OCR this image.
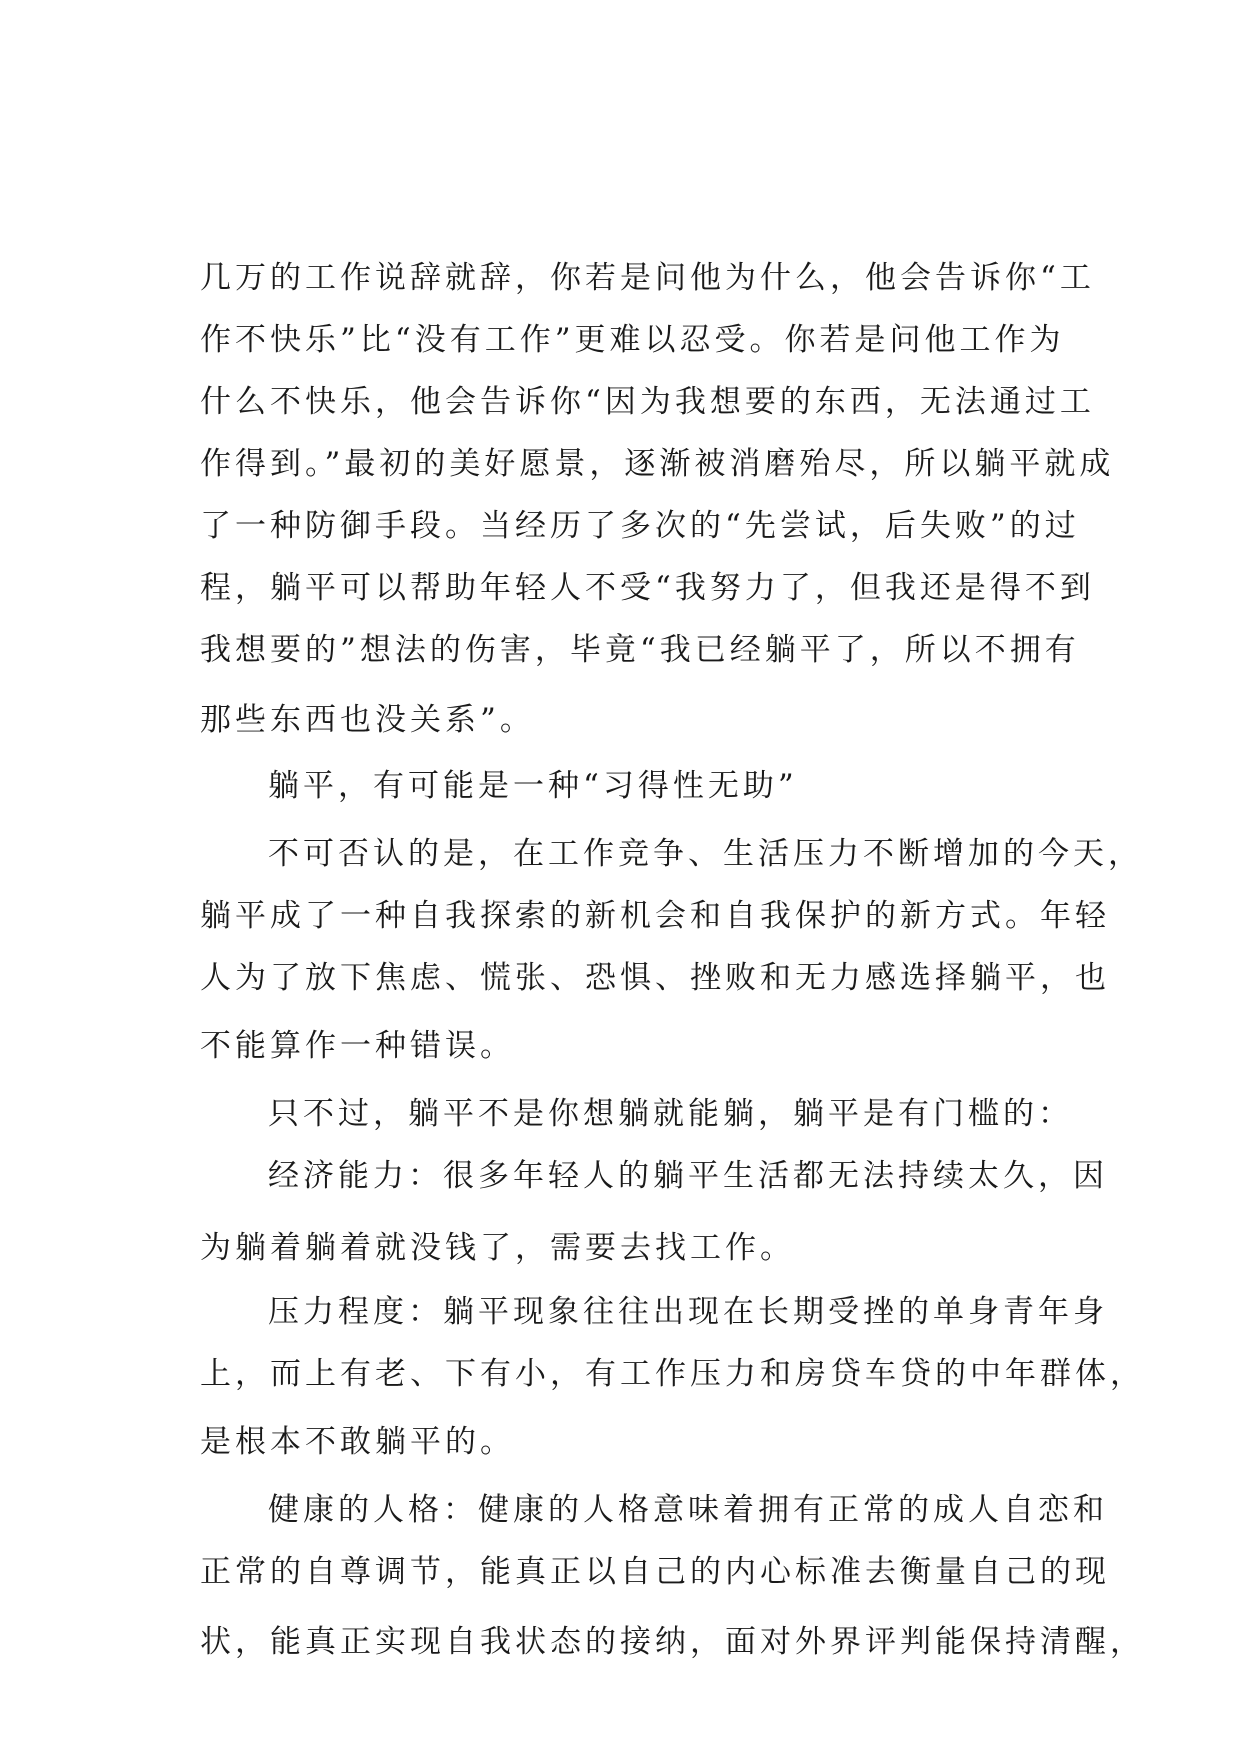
几万的工作说辞就辞，你若是问他为什么，他会告诉你“工
作不快乐”比“没有工作”更难以忍受。你若是问他工作为
什么不快乐，他会告诉你“因为我想要的东西，无法通过工
作得到。”最初的美好愿景，逐渐被消磨殆尽，所以躺平就成
了一种防御手段。当经历了多次的“先尝试，后失败”的过
程，躺平可以帮助年轻人不受“我努力了，但我还是得不到
我想要的”想法的伤害，毕竟“我已经躺平了，所以不拥有
那些东西也没关系”。
躺平，有可能是一种“习得性无助”
不可否认的是，在工作竞争、生活压力不断增加的今天，
躺平成了一种自我探索的新机会和自我保护的新方式。年轻
人为了放下焦虑、慌张、恐惧、挫败和无力感选择躺平，也
不能算作一种错误。
只不过，躺平不是你想躺就能躺，躺平是有门槛的：
经济能力：很多年轻人的躺平生活都无法持续太久，因
为躺着躺着就没钱了，需要去找工作。
压力程度：躺平现象往往出现在长期受挫的单身青年身
上，而上有老、下有小，有工作压力和房贷车贷的中年群体，
是根本不敢躺平的。
健康的人格：健康的人格意味着拥有正常的成人自恋和
正常的自尊调节，能真正以自己的内心标准去衡量自己的现
状，能真正实现自我状态的接纳，面对外界评判能保持清醒，
